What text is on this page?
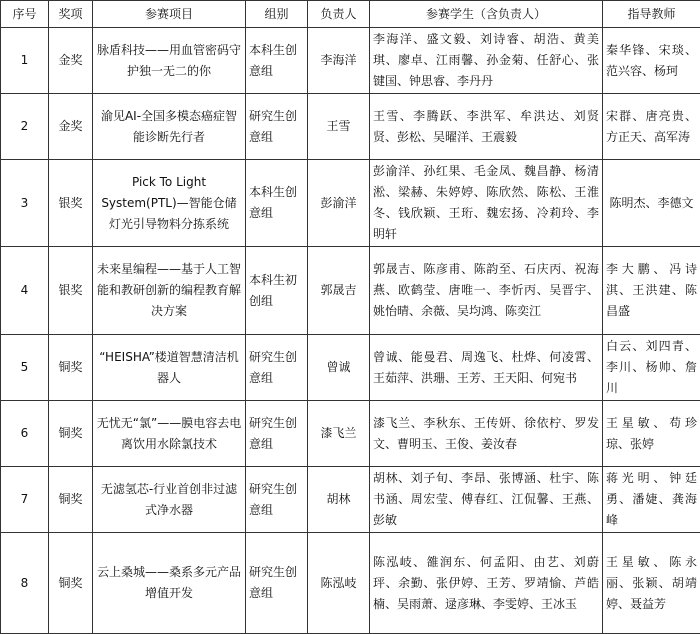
序号	奖项	参赛项目	组别	负责人	参赛学生（含负责人）	指导教师
1	金奖	脉盾科技——用血管密码守护独一无二的你	本科生创意组	李海洋	李海洋、盛文毅、刘诗睿、胡浩、黄美琪、廖卓、江雨馨、孙金菊、任舒心、张键国、钟思睿、李丹丹	秦华锋、宋琰、范兴容、杨珂
2	金奖	渝见AI-全国多模态癌症智能诊断先行者	研究生创意组	王雪	王雪、李腾跃、李洪军、牟洪达、刘贤贤、彭松、吴曜洋、王震毅	宋群、唐亮贵、方正天、高军涛
3	银奖	Pick To Light System(PTL)—智能仓储灯光引导物料分拣系统	本科生创意组	彭渝洋	彭渝洋、孙红果、毛金凤、魏昌静、杨清淞、梁赫、朱婷婷、陈欣然、陈松、王淮冬、钱欣颖、王珩、魏宏扬、冷莉玲、李明轩	陈明杰、李德文
4	银奖	未来星编程——基于人工智能和教研创新的编程教育解决方案	本科生初创组	郭晟吉	郭晟吉、陈彦甫、陈韵至、石庆丙、祝海燕、欧鹤莹、唐唯一、李忻丙、吴晋宇、姚怡晴、余薇、吴均鸿、陈奕江	李大鹏、冯诗淇、王洪建、陈昌盛
5	铜奖	“HEISHA”楼道智慧清洁机器人	研究生创意组	曾诚	曾诚、能曼君、周逸飞、杜烨、何凌霄、王茹萍、洪珊、王芳、王天阳、何宛书	白云、刘四青、李川、杨帅、詹川
6	铜奖	无忧无“氯”——膜电容去电离饮用水除氯技术	研究生创意组	漆飞兰	漆飞兰、李秋东、王传妍、徐依柠、罗发文、曹明玉、王俊、姜汝春	王星敏、苟珍琼、张婷
7	铜奖	无滤氢芯-行业首创非过滤式净水器	研究生创意组	胡林	胡林、刘子旬、李昂、张博涵、杜宇、陈书涵、周宏莹、傅春红、江侃馨、王燕、彭敏	蒋光明、钟廷勇、潘婕、龚海峰
8	铜奖	云上桑城——桑系多元产品增值开发	研究生创意组	陈泓岐	陈泓岐、雒润东、何孟阳、由艺、刘蔚玶、余勤、张伊婷、王芳、罗靖愉、芦皓楠、吴雨萧、逯彦琳、李雯婷、王冰玉	王星敏、陈永丽、张颖、胡靖婷、聂益芳
